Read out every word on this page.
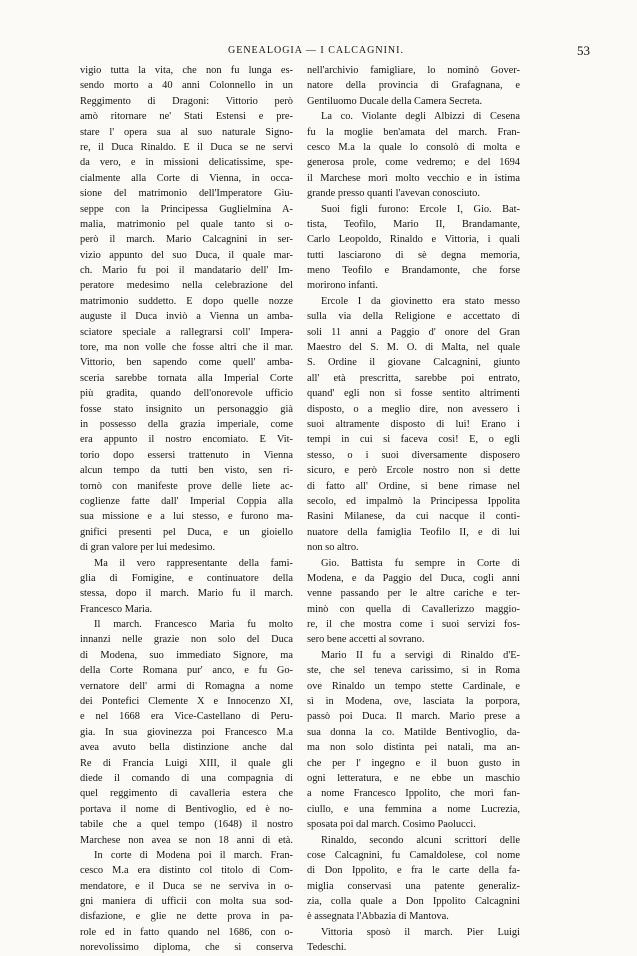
GENEALOGIA — I CALCAGNINI.	53
vigio tutta la vita, che non fu lunga es-
sendo morto a 40 anni Colonnello in un
Reggimento di Dragoni: Vittorio però
amò ritornare ne' Stati Estensi e pre-
stare l' opera sua al suo naturale Signo-
re, il Duca Rinaldo. E il Duca se ne servì
da vero, e in missioni delicatissime, spe-
cialmente alla Corte di Vienna, in occa-
sione del matrimonio dell'Imperatore Giu-
seppe con la Principessa Guglielmina A-
malia, matrimonio pel quale tanto si o-
però il march. Mario Calcagnini in ser-
vizio appunto del suo Duca, il quale mar-
ch. Mario fu poi il mandatario dell' Im-
peratore medesimo nella celebrazione del
matrimonio suddetto. E dopo quelle nozze
auguste il Duca inviò a Vienna un amba-
sciatore speciale a rallegrarsi coll' Impera-
tore, ma non volle che fosse altri che il mar.
Vittorio, ben sapendo come quell' amba-
sceria sarebbe tornata alla Imperial Corte
più gradita, quando dell'onorevole ufficio
fosse stato insignito un personaggio già
in possesso della grazia imperiale, come
era appunto il nostro encomiato. E Vit-
torio dopo essersi trattenuto in Vienna
alcun tempo da tutti ben visto, sen ri-
tornò con manifeste prove delle liete ac-
coglienze fatte dall' Imperial Coppia alla
sua missione e a lui stesso, e furono ma-
gnifici presenti pel Duca, e un gioiello
di gran valore per lui medesimo.
Ma il vero rappresentante della fami-
glia di Fomigine, e continuatore della
stessa, dopo il march. Mario fu il march.
Francesco Maria.
Il march. Francesco Maria fu molto
innanzi nelle grazie non solo del Duca
di Modena, suo immediato Signore, ma
della Corte Romana pur' anco, e fu Go-
vernatore dell' armi di Romagna a nome
dei Pontefici Clemente X e Innocenzo XI,
e nel 1668 era Vice-Castellano di Peru-
gia. In sua giovinezza poi Francesco M.a
avea avuto bella distinzione anche dal
Re di Francia Luigi XIII, il quale gli
diede il comando di una compagnia di
quel reggimento di cavalleria estera che
portava il nome di Bentivoglio, ed è no-
tabile che a quel tempo (1648) il nostro
Marchese non avea se non 18 anni di età.
In corte di Modena poi il march. Fran-
cesco M.a era distinto col titolo di Com-
mendatore, e il Duca se ne serviva in o-
gni maniera di ufficii con molta sua sod-
disfazione, e glie ne dette prova in pa-
role ed in fatto quando nel 1686, con o-
norevolissimo diploma, che si conserva
nell'archivio famigliare, lo nominò Gover-
natore della provincia di Grafagnana, e
Gentiluomo Ducale della Camera Secreta.
La co. Violante degli Albizzi di Cesena
fu la moglie ben'amata del march. Fran-
cesco M.a la quale lo consolò di molta e
generosa prole, come vedremo; e del 1694
il Marchese morì molto vecchio e in istima
grande presso quanti l'avevan conosciuto.
Suoi figli furono: Ercole I, Gio. Bat-
tista, Teofilo, Mario II, Brandamante,
Carlo Leopoldo, Rinaldo e Vittoria, i quali
tutti lasciarono di sè degna memoria,
meno Teofilo e Brandamonte, che forse
morirono infanti.
Ercole I da giovinetto era stato messo
sulla via della Religione e accettato di
soli 11 anni a Paggio d' onore del Gran
Maestro del S. M. O. di Malta, nel quale
S. Ordine il giovane Calcagnini, giunto
all' età prescritta, sarebbe poi entrato,
quand' egli non si fosse sentito altrimenti
disposto, o a meglio dire, non avessero i
suoi altramente disposto di lui! Erano i
tempi in cui si faceva così! E, o egli
stesso, o i suoi diversamente disposero
sicuro, e però Ercole nostro non si dette
di fatto all' Ordine, sì bene rimase nel
secolo, ed impalmò la Principessa Ippolita
Rasini Milanese, da cui nacque il conti-
nuatore della famiglia Teofilo II, e di lui
non so altro.
Gio. Battista fu sempre in Corte di
Modena, e da Paggio del Duca, cogli anni
venne passando per le altre cariche e ter-
minò con quella di Cavallerizzo maggio-
re, il che mostra come i suoi servizi fos-
sero bene accetti al sovrano.
Mario II fu a servigi di Rinaldo d'E-
ste, che sel teneva carissimo, sì in Roma
ove Rinaldo un tempo stette Cardinale, e
sì in Modena, ove, lasciata la porpora,
passò poi Duca. Il march. Mario prese a
sua donna la co. Matilde Bentivoglio, da-
ma non solo distinta pei natali, ma an-
che per l' ingegno e il buon gusto in
ogni letteratura, e ne ebbe un maschio
a nome Francesco Ippolito, che morì fan-
ciullo, e una femmina a nome Lucrezia,
sposata poi dal march. Cosimo Paolucci.
Rinaldo, secondo alcuni scrittori delle
cose Calcagnini, fu Camaldolese, col nome
di Don Ippolito, e fra le carte della fa-
miglia conservasi una patente generaliz-
zia, colla quale a Don Ippolito Calcagnini
è assegnata l'Abbazia di Mantova.
Vittoria sposò il march. Pier Luigi
Tedeschi.
